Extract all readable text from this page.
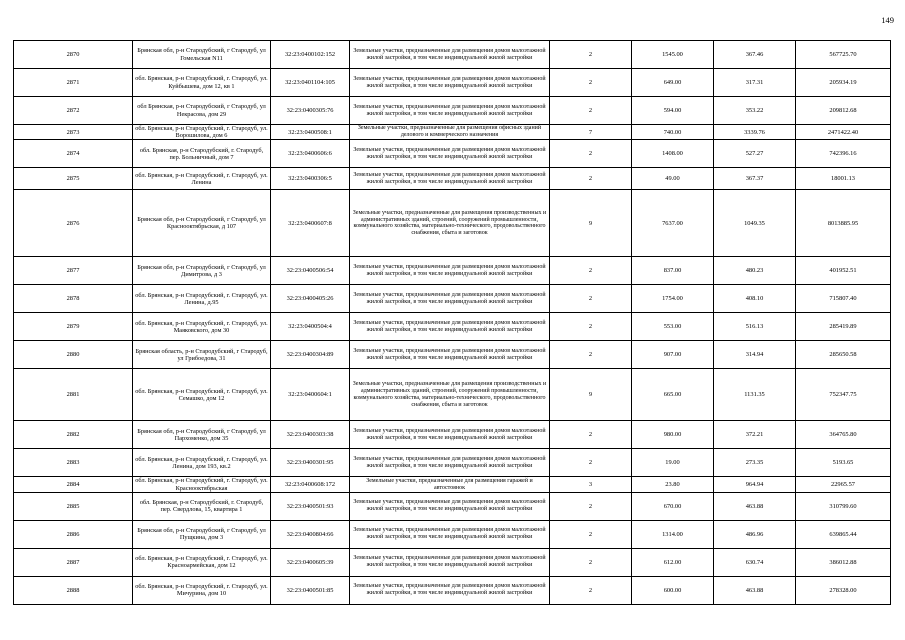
149
2870	Брянская обл, р-н Стародубский, г Стародуб, ул Гомельская N11	32:23:0400102:152	Земельные участки, предназначенные для размещения домов малоэтажной жилой застройки, в том числе индивидуальной жилой застройки	2	1545.00	367.46	567725.70
2871	обл. Брянская, р-н Стародубский, г. Стародуб, ул. Куйбышева, дом 12, кв 1	32:23:0401104:105	Земельные участки, предназначенные для размещения домов малоэтажной жилой застройки, в том числе индивидуальной жилой застройки	2	649.00	317.31	205934.19
2872	обл Брянская, р-н Стародубский, г Стародуб, ул Некрасова, дом 29	32:23:0400305:76	Земельные участки, предназначенные для размещения домов малоэтажной жилой застройки, в том числе индивидуальной жилой застройки	2	594.00	353.22	209812.68
2873	обл. Брянская, р-н Стародубский, г. Стародуб, ул. Ворошилова, дом 6	32:23:0400508:1	Земельные участки, предназначенные для размещения офисных зданий делового и коммерческого назначения	7	740.00	3339.76	2471422.40
2874	обл. Брянская, р-н Стародубский, г. Стародуб, пер. Больничный, дом 7	32:23:0400606:6	Земельные участки, предназначенные для размещения домов малоэтажной жилой застройки, в том числе индивидуальной жилой застройки	2	1408.00	527.27	742396.16
2875	обл. Брянская, р-н Стародубский, г. Стародуб, ул. Ленина	32:23:0400306:5	Земельные участки, предназначенные для размещения домов малоэтажной жилой застройки, в том числе индивидуальной жилой застройки	2	49.00	367.37	18001.13
2876	Брянская обл, р-н Стародубский, г Стародуб, ул Краснооктябрьская, д 107	32:23:0400607:8	Земельные участки, предназначенные для размещения производственных и административных зданий, строений, сооружений промышленности, коммунального хозяйства, материально-технического, продовольственного снабжения, сбыта и заготовок	9	7637.00	1049.35	8013885.95
2877	Брянская обл, р-н Стародубский, г Стародуб, ул Димитрова, д 3	32:23:0400506:54	Земельные участки, предназначенные для размещения домов малоэтажной жилой застройки, в том числе индивидуальной жилой застройки	2	837.00	480.23	401952.51
2878	обл. Брянская, р-н Стародубский, г. Стародуб, ул. Ленина, д.95	32:23:0400405:26	Земельные участки, предназначенные для размещения домов малоэтажной жилой застройки, в том числе индивидуальной жилой застройки	2	1754.00	408.10	715807.40
2879	обл. Брянская, р-н Стародубский, г. Стародуб, ул. Маяковского, дом 30	32:23:0400504:4	Земельные участки, предназначенные для размещения домов малоэтажной жилой застройки, в том числе индивидуальной жилой застройки	2	553.00	516.13	285419.89
2880	Брянская область, р-н Стародубский, г Стародуб, ул Грибоедова, 31	32:23:0400304:89	Земельные участки, предназначенные для размещения домов малоэтажной жилой застройки, в том числе индивидуальной жилой застройки	2	907.00	314.94	285650.58
2881	обл. Брянская, р-н Стародубский, г. Стародуб, ул. Семашко, дом 12	32:23:0400604:1	Земельные участки, предназначенные для размещения производственных и административных зданий, строений, сооружений промышленности, коммунального хозяйства, материально-технического, продовольственного снабжения, сбыта и заготовок	9	665.00	1131.35	752347.75
2882	Брянская обл, р-н Стародубский, г Стародуб, ул Пархоменко, дом 35	32:23:0400303:38	Земельные участки, предназначенные для размещения домов малоэтажной жилой застройки, в том числе индивидуальной жилой застройки	2	980.00	372.21	364765.80
2883	обл. Брянская, р-н Стародубский, г. Стародуб, ул. Ленина, дом 193, кв.2	32:23:0400301:95	Земельные участки, предназначенные для размещения домов малоэтажной жилой застройки, в том числе индивидуальной жилой застройки	2	19.00	273.35	5193.65
2884	обл. Брянская, р-н Стародубский, г. Стародуб, ул. Краснооктябрьская	32:23:0400608:172	Земельные участки, предназначенные для размещения гаражей и автостоянок	3	23.80	964.94	22965.57
2885	обл. Брянская, р-н Стародубский, г. Стародуб, пер. Свердлова, 15, квартира 1	32:23:0400501:93	Земельные участки, предназначенные для размещения домов малоэтажной жилой застройки, в том числе индивидуальной жилой застройки	2	670.00	463.88	310799.60
2886	Брянская обл, р-н Стародубский, г Стародуб, ул Пущкина, дом 3	32:23:0400804:66	Земельные участки, предназначенные для размещения домов малоэтажной жилой застройки, в том числе индивидуальной жилой застройки	2	1314.00	486.96	639865.44
2887	обл. Брянская, р-н Стародубский, г. Стародуб, ул. Красноармейская, дом 12	32:23:0400605:39	Земельные участки, предназначенные для размещения домов малоэтажной жилой застройки, в том числе индивидуальной жилой застройки	2	612.00	630.74	386012.88
2888	обл. Брянская, р-н Стародубский, г. Стародуб, ул. Мичурина, дом 10	32:23:0400501:85	Земельные участки, предназначенные для размещения домов малоэтажной жилой застройки, в том числе индивидуальной жилой застройки	2	600.00	463.88	278328.00
